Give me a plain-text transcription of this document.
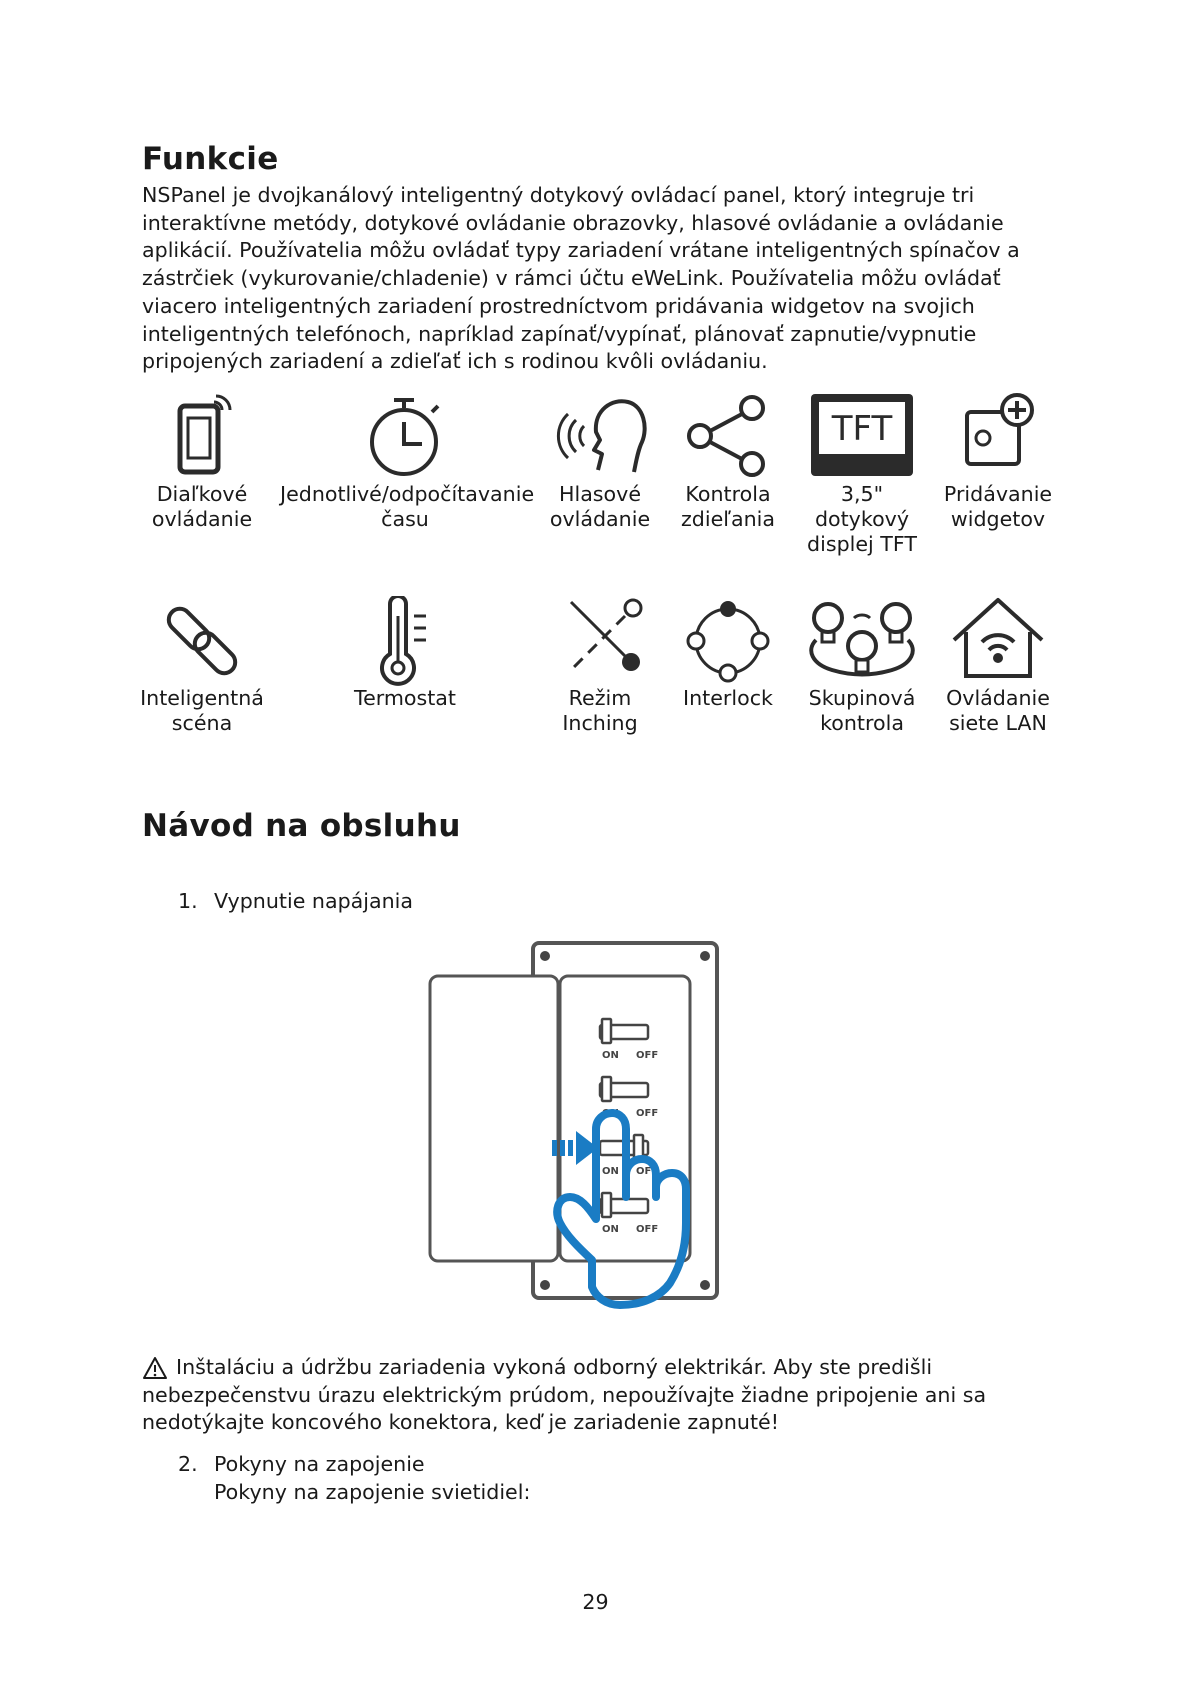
Funkcie
NSPanel je dvojkanálový inteligentný dotykový ovládací panel, ktorý integruje tri
interaktívne metódy, dotykové ovládanie obrazovky, hlasové ovládanie a ovládanie
aplikácií. Používatelia môžu ovládať typy zariadení vrátane inteligentných spínačov a
zástrčiek (vykurovanie/chladenie) v rámci účtu eWeLink. Používatelia môžu ovládať
viacero inteligentných zariadení prostredníctvom pridávania widgetov na svojich
inteligentných telefónoch, napríklad zapínať/vypínať, plánovať zapnutie/vypnutie
pripojených zariadení a zdieľať ich s rodinou kvôli ovládaniu.
Diaľkové
ovládanie
Jednotlivé/odpočítavanie
času
Hlasové
ovládanie
Kontrola
zdieľania
TFT
3,5"
dotykový
displej TFT
Pridávanie
widgetov
Inteligentná
scéna
Termostat	Režim
Inching
Interlock	Skupinová
kontrola
Ovládanie
siete LAN
Návod na obsluhu
1. Vypnutie napájania
ON OFF
ON OFF
ON OFF
ON OFF
Inštaláciu a údržbu zariadenia vykoná odborný elektrikár. Aby ste predišli
nebezpečenstvu úrazu elektrickým prúdom, nepoužívajte žiadne pripojenie ani sa
nedotýkajte koncového konektora, keď je zariadenie zapnuté!
2. Pokyny na zapojenie
Pokyny na zapojenie svietidiel:
29
